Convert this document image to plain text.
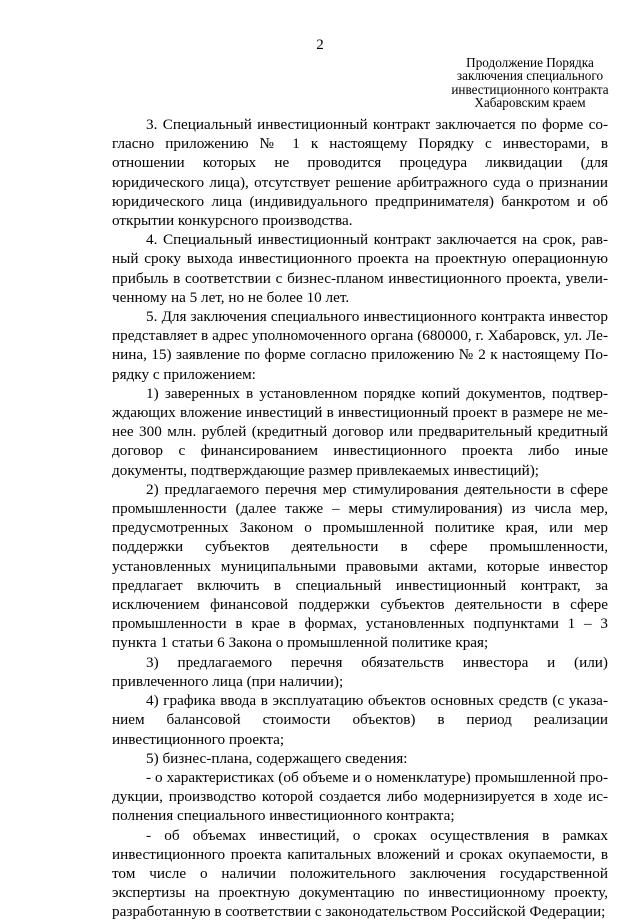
2
Продолжение Порядка
заключения специального
инвестиционного контракта
Хабаровским краем

3. Специальный инвестиционный контракт заключается по форме согласно приложению № 1 к настоящему Порядку с инвесторами, в отношении которых не проводится процедура ликвидации (для юридического лица), отсутствует решение арбитражного суда о признании юридического лица (индивидуального предпринимателя) банкротом и об открытии конкурсного производства.

4. Специальный инвестиционный контракт заключается на срок, равный сроку выхода инвестиционного проекта на проектную операционную прибыль в соответствии с бизнес-планом инвестиционного проекта, увеличенному на 5 лет, но не более 10 лет.

5. Для заключения специального инвестиционного контракта инвестор представляет в адрес уполномоченного органа (680000, г. Хабаровск, ул. Ленина, 15) заявление по форме согласно приложению № 2 к настоящему Порядку с приложением:

1) заверенных в установленном порядке копий документов, подтверждающих вложение инвестиций в инвестиционный проект в размере не менее 300 млн. рублей (кредитный договор или предварительный кредитный договор с финансированием инвестиционного проекта либо иные документы, подтверждающие размер привлекаемых инвестиций);

2) предлагаемого перечня мер стимулирования деятельности в сфере промышленности (далее также – меры стимулирования) из числа мер, предусмотренных Законом о промышленной политике края, или мер поддержки субъектов деятельности в сфере промышленности, установленных муниципальными правовыми актами, которые инвестор предлагает включить в специальный инвестиционный контракт, за исключением финансовой поддержки субъектов деятельности в сфере промышленности в крае в формах, установленных подпунктами 1 – 3 пункта 1 статьи 6 Закона о промышленной политике края;

3) предлагаемого перечня обязательств инвестора и (или) привлеченного лица (при наличии);

4) графика ввода в эксплуатацию объектов основных средств (с указанием балансовой стоимости объектов) в период реализации инвестиционного проекта;

5) бизнес-плана, содержащего сведения:

- о характеристиках (об объеме и о номенклатуре) промышленной продукции, производство которой создается либо модернизируется в ходе исполнения специального инвестиционного контракта;

- об объемах инвестиций, о сроках осуществления в рамках инвестиционного проекта капитальных вложений и сроках окупаемости, в том числе о наличии положительного заключения государственной экспертизы на проектную документацию по инвестиционному проекту, разработанную в соответствии с законодательством Российской Федерации;
